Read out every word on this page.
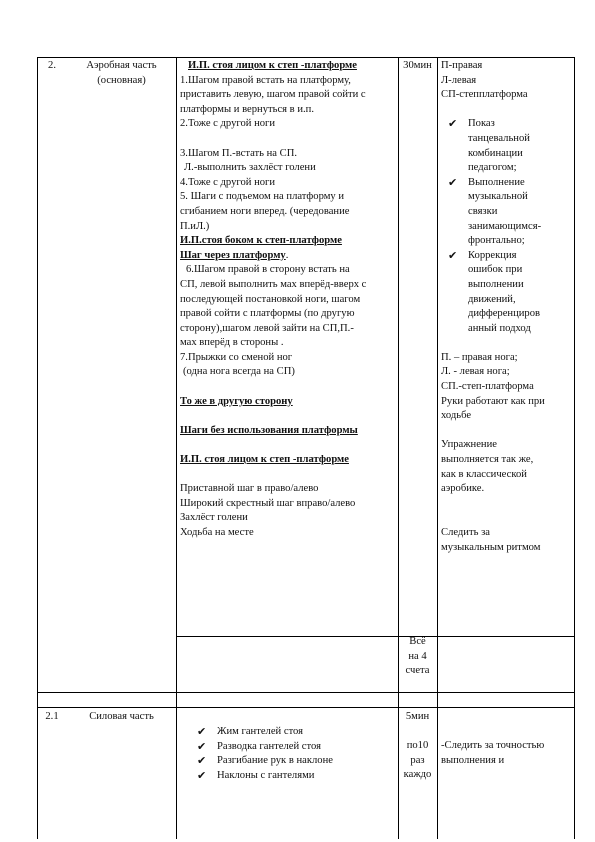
2.	Аэробная часть
(основная)
И.П. стоя лицом к степ -платформе
1.Шагом правой встать на платформу,
приставить левую, шагом правой сойти с
платформы и вернуться в и.п.
2.Тоже с другой ноги
3.Шагом П.-встать на СП.
Л.-выполнить захлёст голени
4.Тоже с другой ноги
5. Шаги с подъемом на платформу и
сгибанием ноги вперед. (чередование
П.иЛ.)
И.П.стоя боком к степ-платформе
Шаг через платформу.
6.Шагом правой в сторону встать на
СП, левой выполнить мах вперёд-вверх с
последующей постановкой ноги, шагом
правой сойти с платформы (по другую
сторону),шагом левой зайти на СП,П.-
мах вперёд в стороны .
7.Прыжки со сменой ног
(одна нога всегда на СП)
То же в другую сторону
Шаги без использования платформы
И.П. стоя лицом к степ -платформе
Приставной шаг в право/алево
Широкий скрестный шаг вправо/алево
Захлёст голени
Ходьба на месте
30мин П-правая
Л-левая
СП-степплатформа
✔ Показ
танцевальной
комбинации
педагогом;
✔ Выполнение
музыкальной
связки
занимающимся-
фронтально;
✔ Коррекция
ошибок при
выполнении
движений,
дифференциров
анный подход
П. – правая нога;
Л. - левая нога;
СП.-степ-платформа
Руки работают как при
ходьбе

Упражнение
выполняется так же,
как в классической
аэробике.

Следить за
музыкальным ритмом
Всё
на 4
счета
2.1	Силовая часть
✔ Жим гантелей стоя
✔ Разводка гантелей стоя
✔ Разгибание рук в наклоне
✔ Наклоны с гантелями
5мин

по10
раз
каждо

-Следить за точностью
выполнения и
